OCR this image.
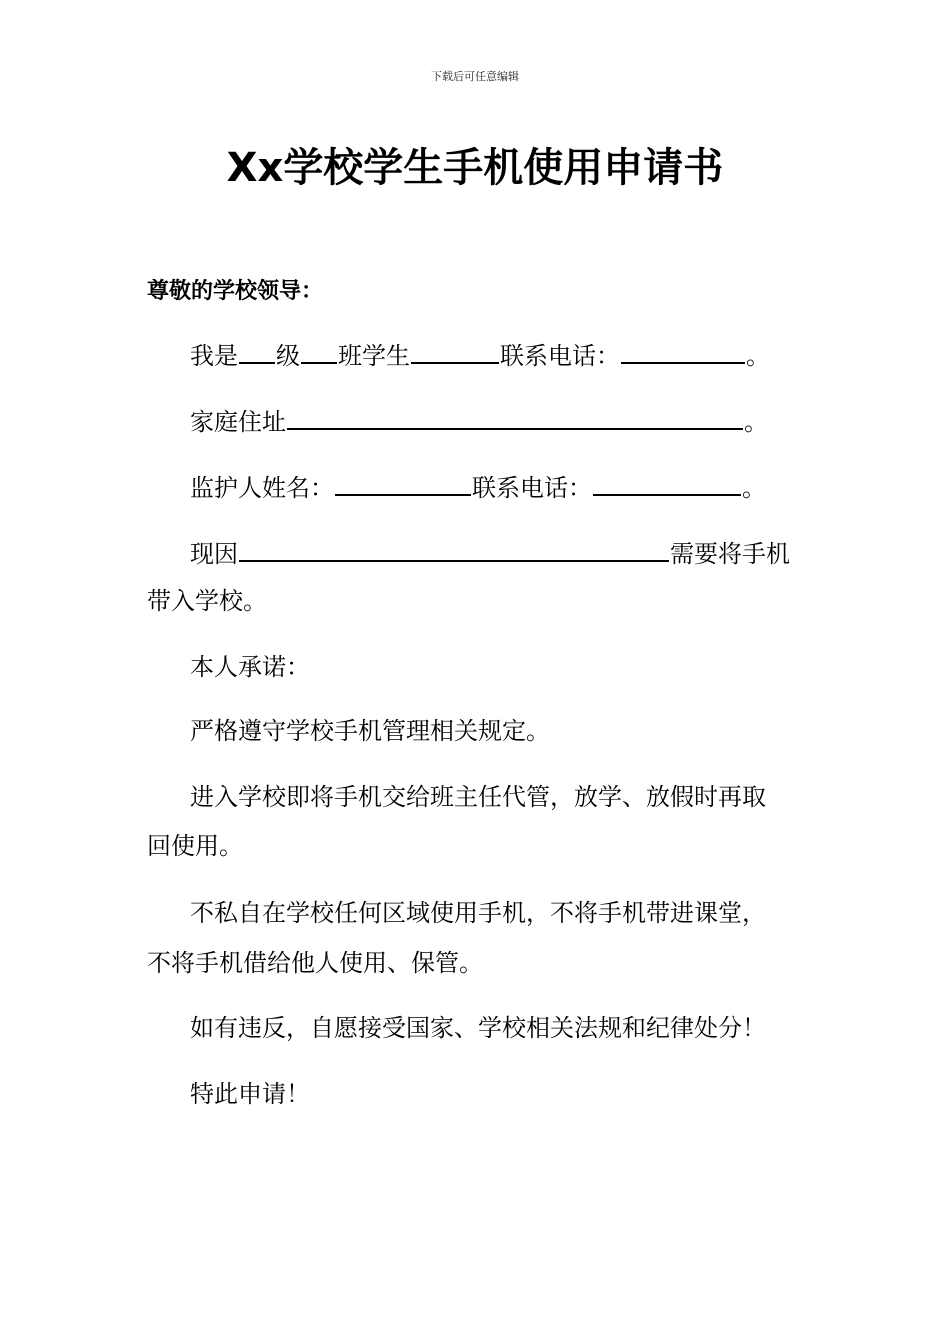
下载后可任意编辑
Xx学校学生手机使用申请书
尊敬的学校领导：
我是 级 班学生	联系电话：	。
家庭住址	。
监护人姓名：	联系电话：	。
现因	需要将手机
带入学校。
本人承诺：
严格遵守学校手机管理相关规定。
进入学校即将手机交给班主任代管，放学、放假时再取
回使用。
不私自在学校任何区域使用手机，不将手机带进课堂，
不将手机借给他人使用、保管。
如有违反，自愿接受国家、学校相关法规和纪律处分！
特此申请！
